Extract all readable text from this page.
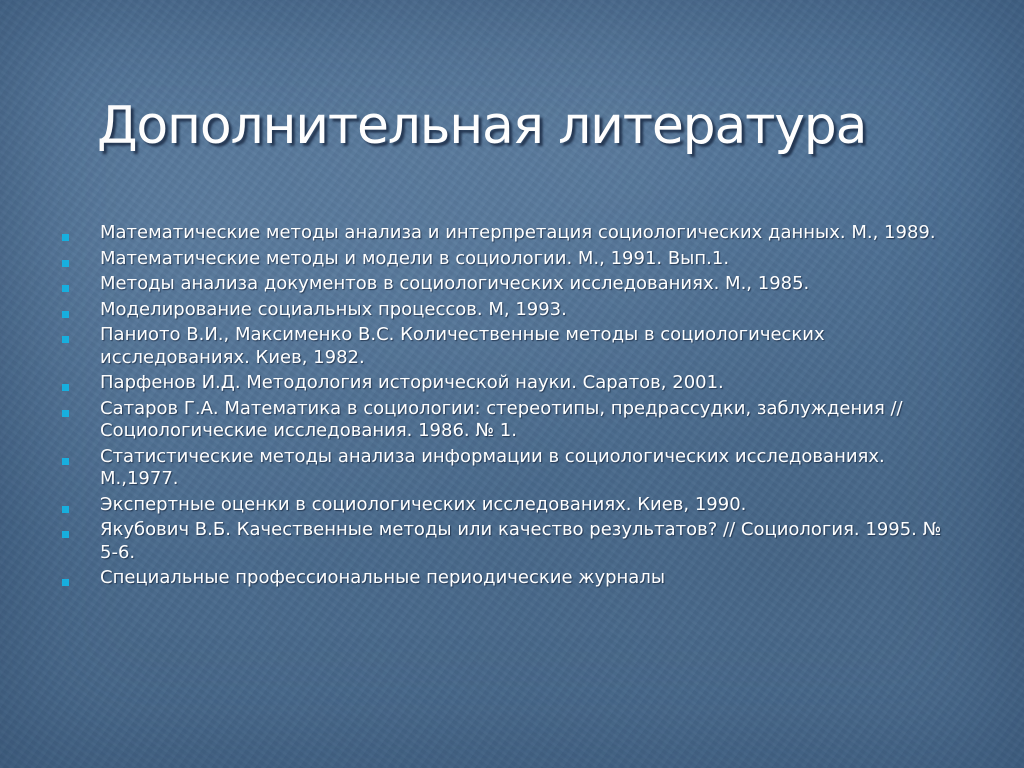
Дополнительная литература
Математические методы анализа и интерпретация социологических данных. М., 1989.
Математические методы и модели в социологии. М., 1991. Вып.1.
Методы анализа документов в социологических исследованиях. М., 1985.
Моделирование социальных процессов. М, 1993.
Паниото В.И., Максименко В.С. Количественные методы в социологических исследованиях. Киев, 1982.
Парфенов И.Д. Методология исторической науки. Саратов, 2001.
Сатаров Г.А. Математика в социологии: стереотипы, предрассудки, заблуждения // Социологические исследования. 1986. № 1.
Статистические методы анализа информации в социологических исследованиях. М.,1977.
Экспертные оценки в социологических исследованиях. Киев, 1990.
Якубович В.Б. Качественные методы или качество результатов? // Социология. 1995. № 5-6.
Специальные профессиональные периодические журналы
